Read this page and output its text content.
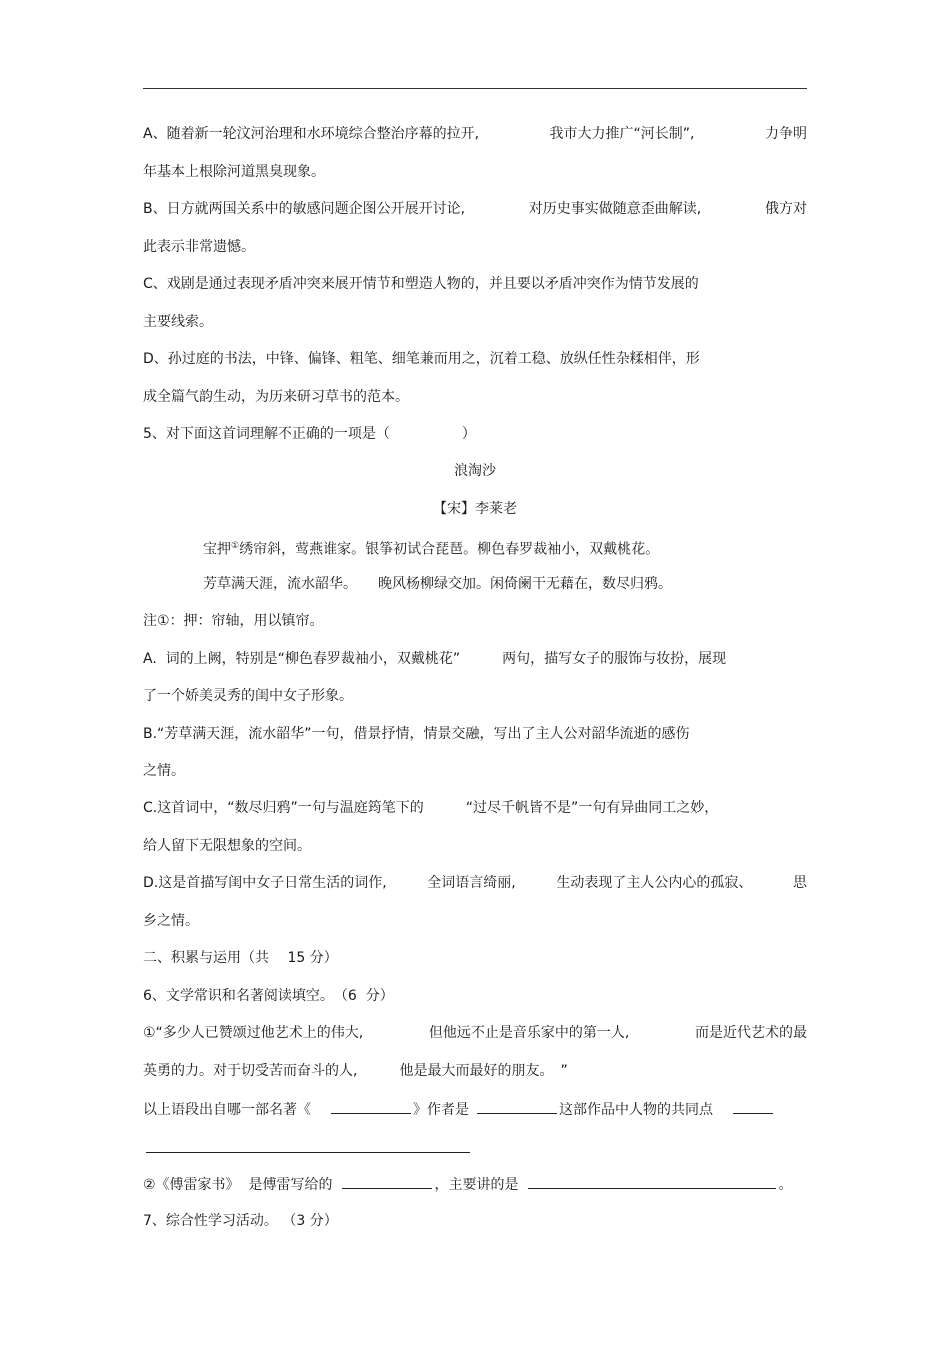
A、随着新一轮汶河治理和水环境综合整治序幕的拉开,	我市大力推广“河长制”,	力争明
年基本上根除河道黑臭现象。
B、日方就两国关系中的敏感问题企图公开展开讨论,	对历史事实做随意歪曲解读,	俄方对
此表示非常遗憾。
C、戏剧是通过表现矛盾冲突来展开情节和塑造人物的，并且要以矛盾冲突作为情节发展的
主要线索。
D、孙过庭的书法，中锋、偏锋、粗笔、细笔兼而用之，沉着工稳、放纵任性杂糅相伴，形
成全篇气韵生动，为历来研习草书的范本。
5、对下面这首词理解不正确的一项是（	）
浪淘沙
【宋】李莱老
宝押①绣帘斜，莺燕谁家。银筝初试合琵琶。柳色春罗裁袖小，双戴桃花。
芳草满天涯，流水韶华。　　晚风杨柳绿交加。闲倚阑干无藉在，数尽归鸦。
注①：押：帘轴，用以镇帘。
A.  词的上阙，特别是“柳色春罗裁袖小，双戴桃花”　　　两句，描写女子的服饰与妆扮，展现
了一个娇美灵秀的闺中女子形象。
B.“芳草满天涯，流水韶华”一句，借景抒情，情景交融，写出了主人公对韶华流逝的感伤
之情。
C.这首词中，“数尽归鸦”一句与温庭筠笔下的　　　“过尽千帆皆不是”一句有异曲同工之妙，
给人留下无限想象的空间。
D.这是首描写闺中女子日常生活的词作,	全词语言绮丽,	生动表现了主人公内心的孤寂、	思
乡之情。
二、积累与运用（共　 15 分）
6、文学常识和名著阅读填空。　（6  分）
①“多少人已赞颂过他艺术上的伟大,	但他远不止是音乐家中的第一人,	而是近代艺术的最
英勇的力。对于切受苦而奋斗的人,　　　他是最大而最好的朋友。　”
以上语段出自哪一部名著《	》作者是	这部作品中人物的共同点
②《傅雷家书》  是傅雷写给的	，主要讲的是	。
7、综合性学习活动。 （3 分）
